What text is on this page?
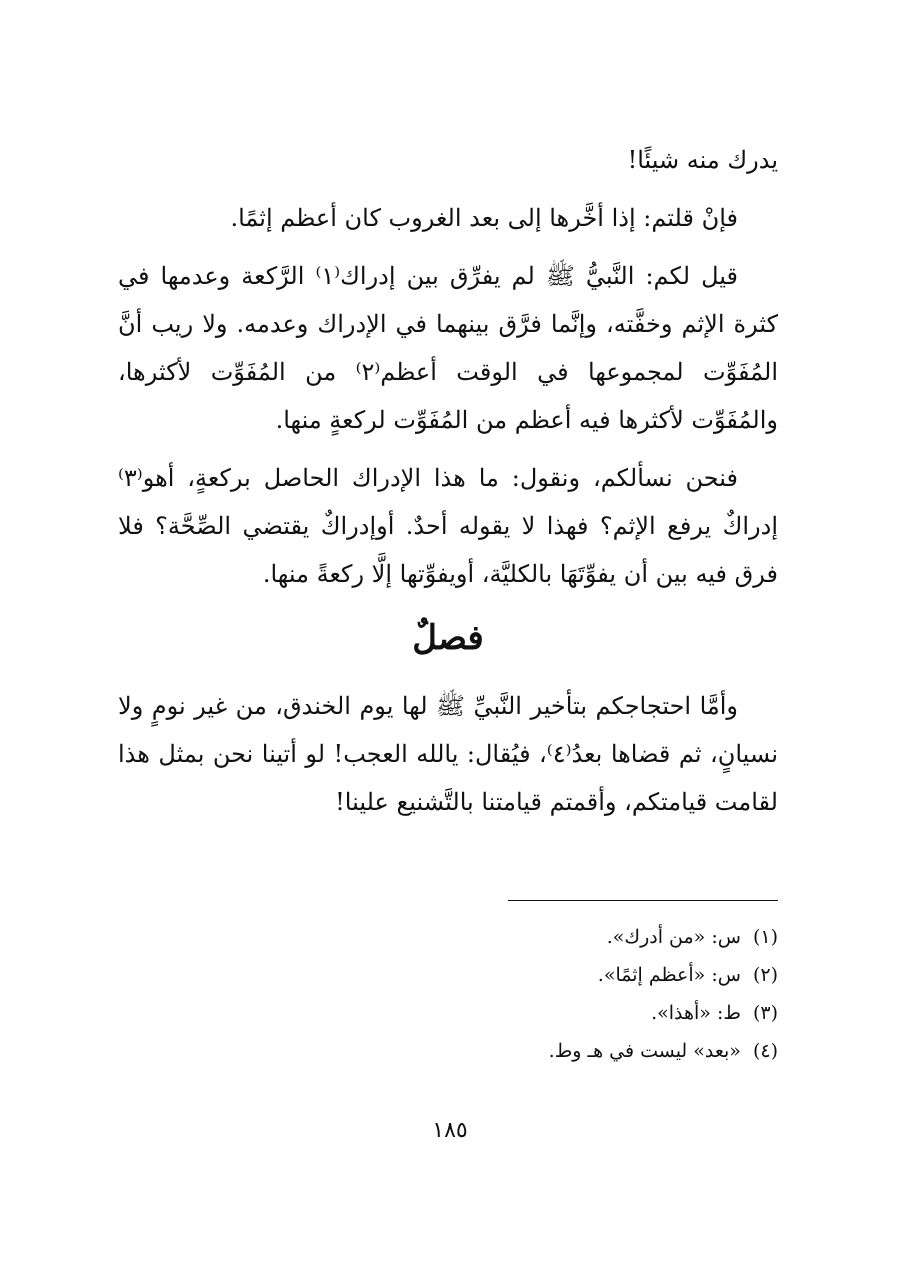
يدرك منه شيئًا!

فإنْ قلتم: إذا أخَّرها إلى بعد الغروب كان أعظم إثمًا.

قيل لكم: النَّبيُّ ﷺ لم يفرِّق بين إدراك⁽١⁾ الرَّكعة وعدمها في كثرة الإثم وخفَّته، وإنَّما فرَّق بينهما في الإدراك وعدمه. ولا ريب أنَّ المُفَوِّت لمجموعها في الوقت أعظم⁽٢⁾ من المُفَوِّت لأكثرها، والمُفَوِّت لأكثرها فيه أعظم من المُفَوِّت لركعةٍ منها.

فنحن نسألكم، ونقول: ما هذا الإدراك الحاصل بركعةٍ، أهو⁽٣⁾ إدراكٌ يرفع الإثم؟ فهذا لا يقوله أحدٌ. أوإدراكٌ يقتضي الصِّحَّة؟ فلا فرق فيه بين أن يفوِّتَهَا بالكليَّة، أويفوِّتها إلَّا ركعةً منها.

فصلٌ

وأمَّا احتجاجكم بتأخير النَّبيِّ ﷺ لها يوم الخندق، من غير نومٍ ولا نسيانٍ، ثم قضاها بعدُ⁽٤⁾، فيُقال: يالله العجب! لو أتينا نحن بمثل هذا لقامت قيامتكم، وأقمتم قيامتنا بالتَّشنيع علينا!

(١)
س: «من أدرك».
(٢)
س: «أعظم إثمًا».
(٣)
ط: «أهذا».
(٤)
«بعد» ليست في هـ وط.
١٨٥
